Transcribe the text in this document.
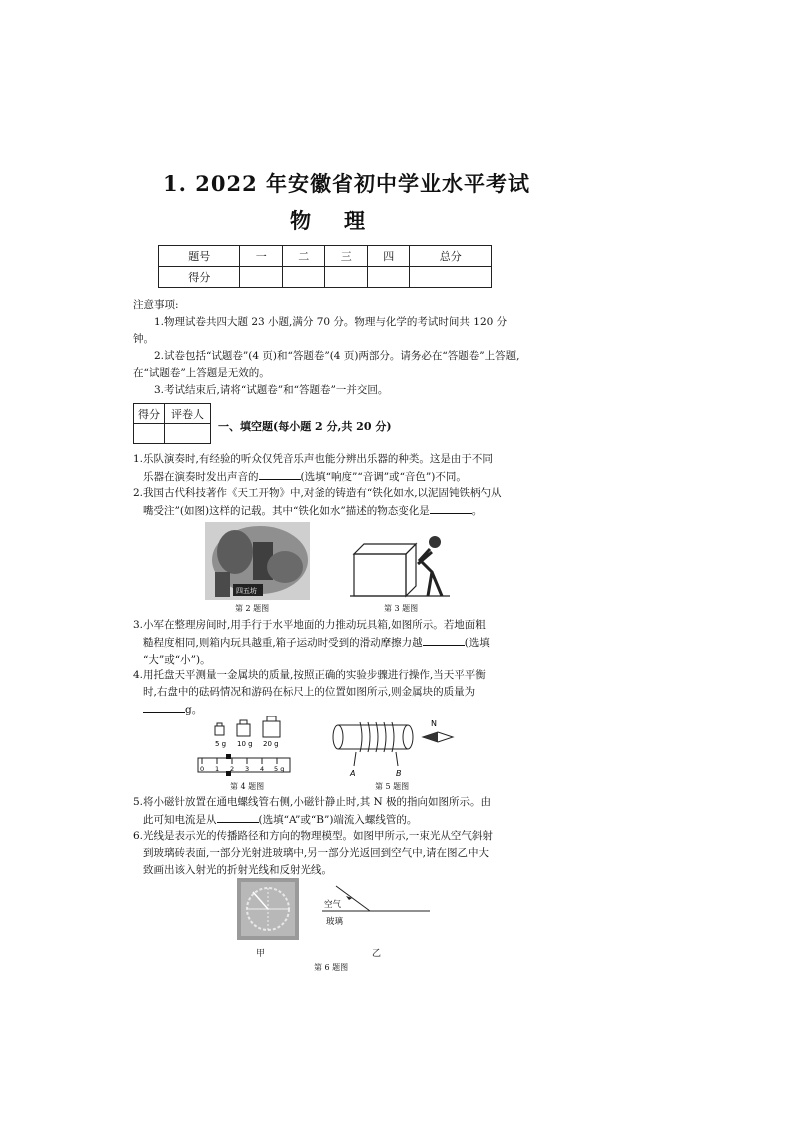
1. 2022 年安徽省初中学业水平考试
物 理
题号	一	二	三	四	总分
得分					

注意事项:

1.物理试卷共四大题 23 小题,满分 70 分。物理与化学的考试时间共 120 分钟。

2.试卷包括“试题卷”(4 页)和“答题卷”(4 页)两部分。请务必在“答题卷”上答题,在“试题卷”上答题是无效的。

3.考试结束后,请将“试题卷”和“答题卷”一并交回。

得分	评卷人

一、填空题(每小题 2 分,共 20 分)

1.乐队演奏时,有经验的听众仅凭音乐声也能分辨出乐器的种类。这是由于不同

乐器在演奏时发出声音的	(选填“响度”“音调”或“音色”)不同。

2.我国古代科技著作《天工开物》中,对釜的铸造有“铁化如水,以泥固钝铁柄勺从

嘴受注”(如图)这样的记载。其中“铁化如水”描述的物态变化是	。

四五坊
第 2 题图	第 3 题图

3.小军在整理房间时,用手行于水平地面的力推动玩具箱,如图所示。若地面粗

糙程度相同,则箱内玩具越重,箱子运动时受到的滑动摩擦力越	(选填

“大”或“小”)。

4.用托盘天平测量一金属块的质量,按照正确的实验步骤进行操作,当天平平衡

时,右盘中的砝码情况和游码在标尺上的位置如图所示,则金属块的质量为

g。

5 g 10 g 20 g
0 1 2 3 4 5 g
第 4 题图
A	B
N
第 5 题图

5.将小磁针放置在通电螺线管右侧,小磁针静止时,其 N 极的指向如图所示。由

此可知电流是从	(选填“A”或“B”)端流入螺线管的。

6.光线是表示光的传播路径和方向的物理模型。如图甲所示,一束光从空气斜射

到玻璃砖表面,一部分光射进玻璃中,另一部分光返回到空气中,请在图乙中大

致画出该入射光的折射光线和反射光线。

空气
玻璃
甲	乙
第 6 题图
